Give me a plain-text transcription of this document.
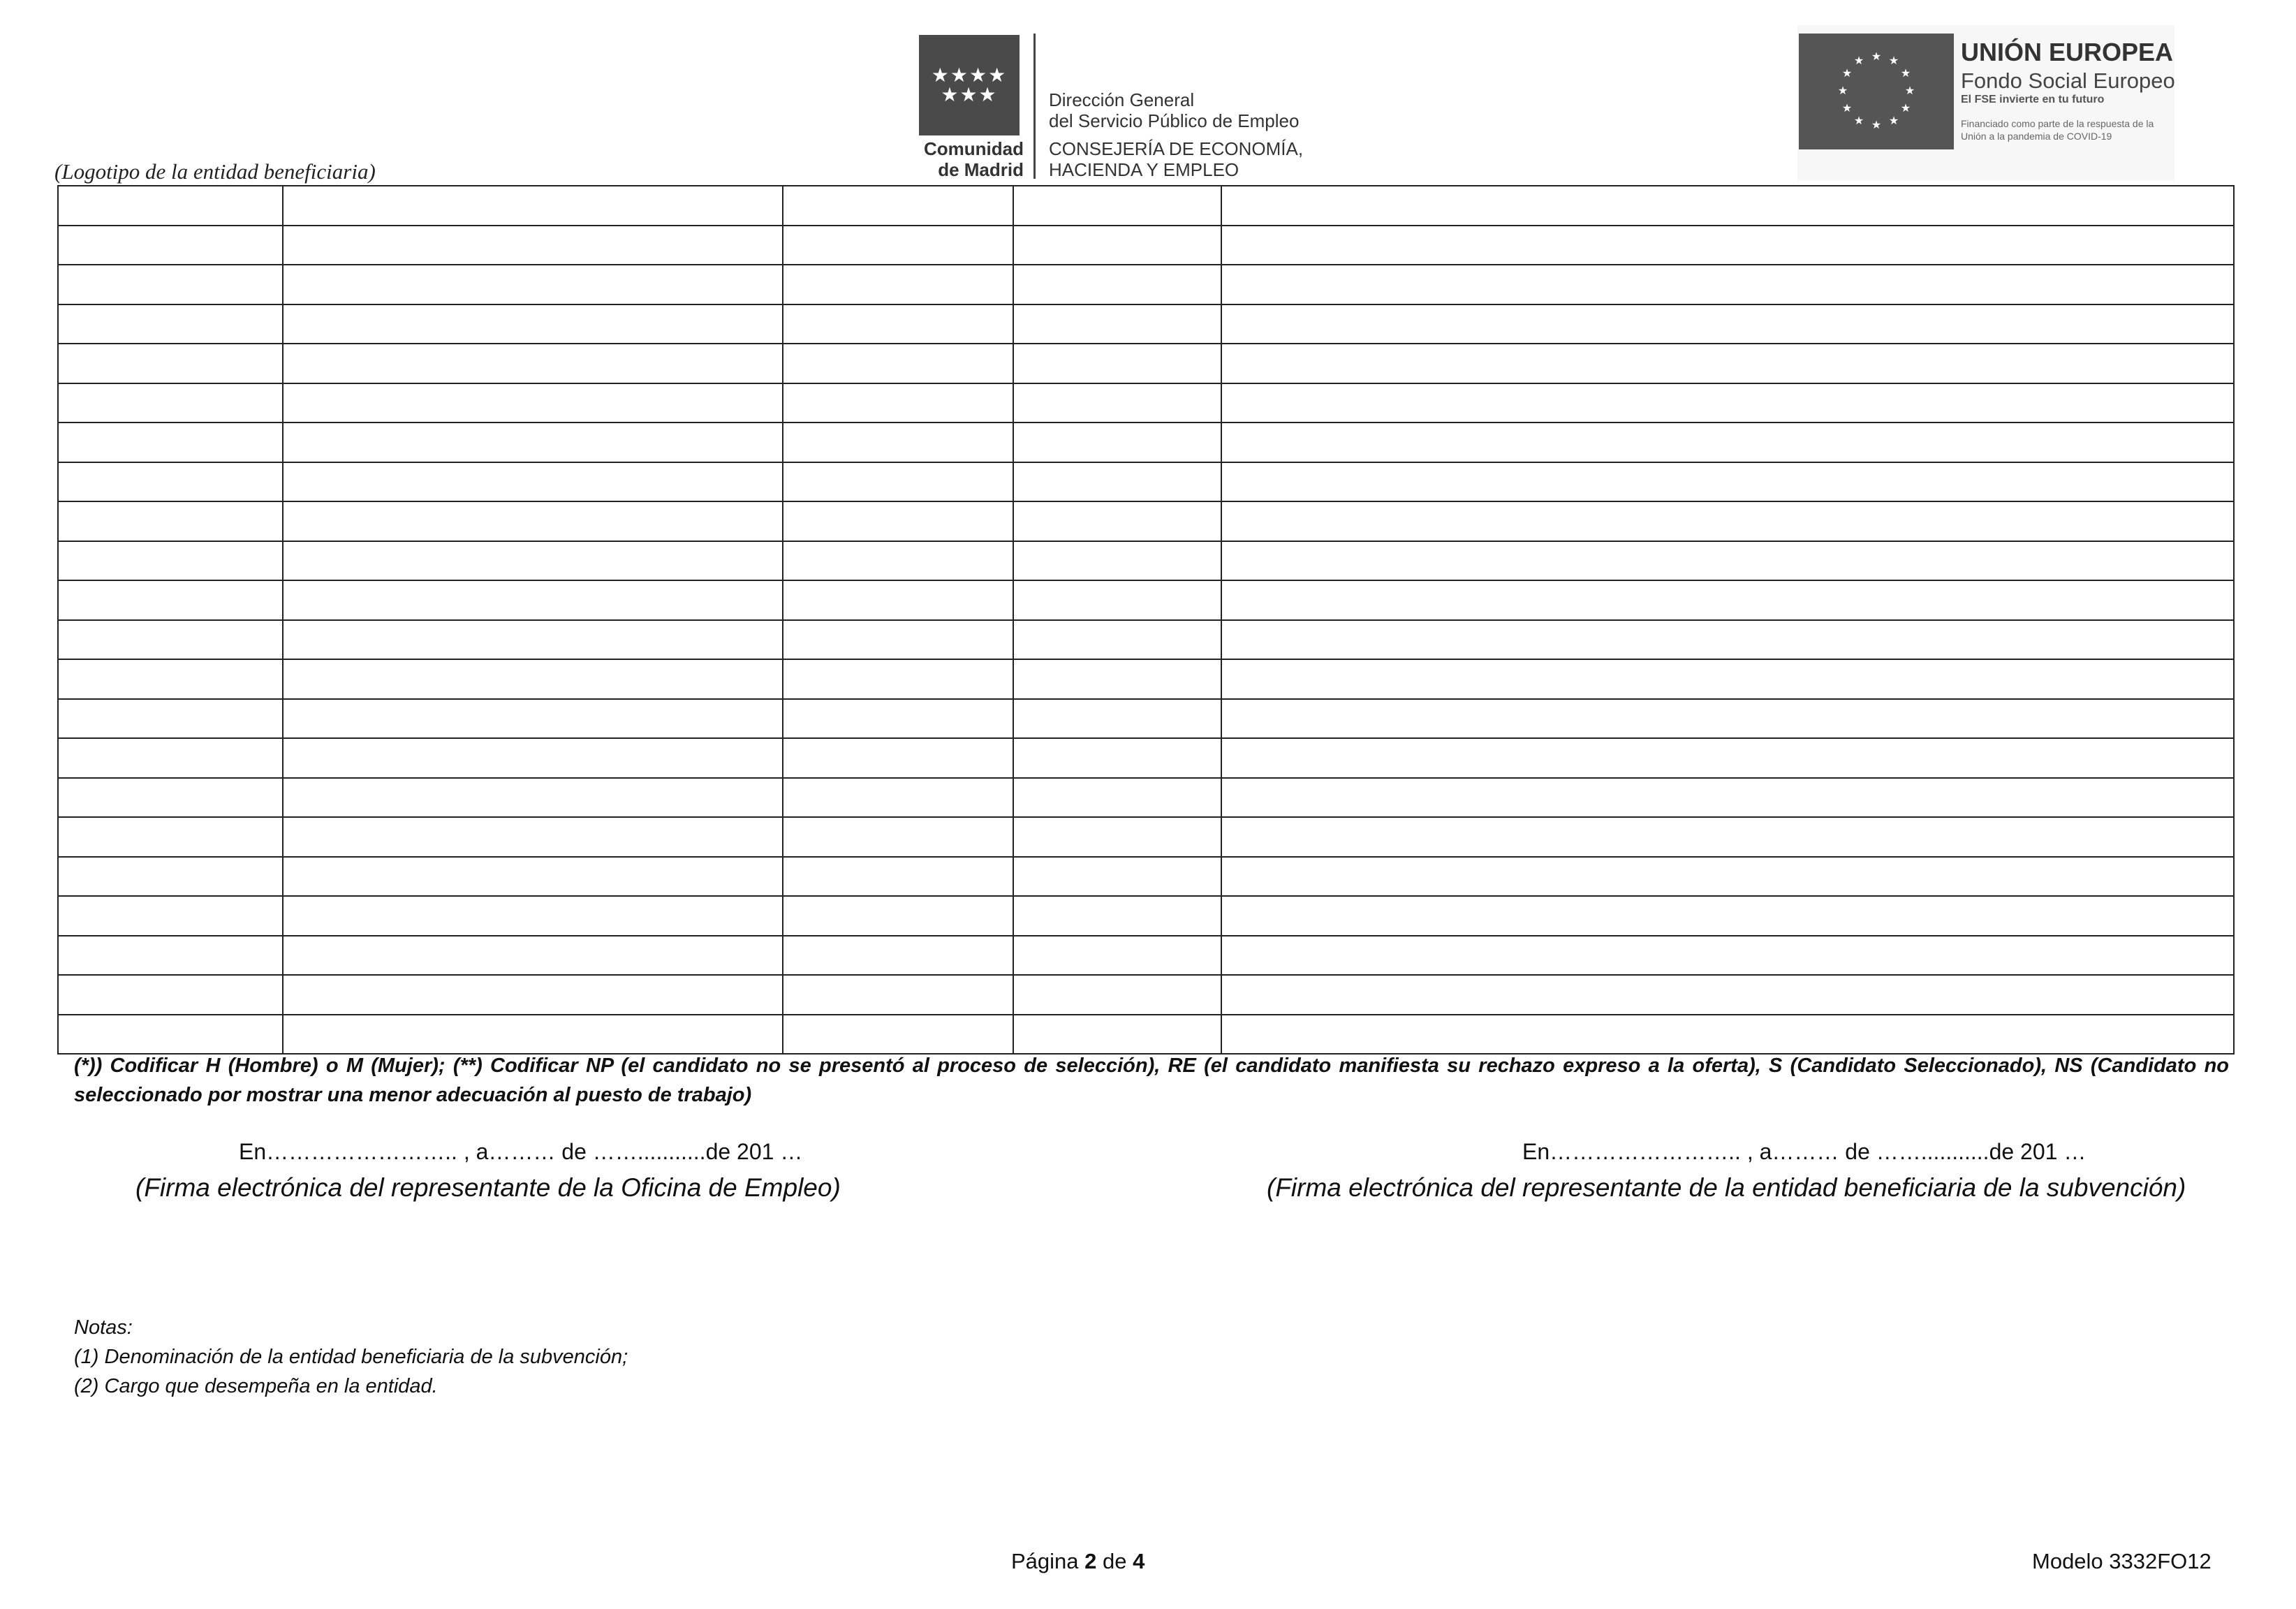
★★★★
★★★
Comunidad
de Madrid
Dirección General
del Servicio Público de Empleo
CONSEJERÍA DE ECONOMÍA,
HACIENDA Y EMPLEO
★ ★
★
★
★
★
★
★
★
★
★
★	UNIÓN EUROPEA
Fondo Social Europeo
El FSE invierte en tu futuro
Financiado como parte de la respuesta de la Unión a la pandemia de COVID-19
(Logotipo de la entidad beneficiaria)

(*)) Codificar H (Hombre) o M (Mujer); (**) Codificar NP (el candidato no se presentó al proceso de selección), RE (el candidato manifiesta su rechazo expreso a la oferta), S (Candidato Seleccionado), NS (Candidato no seleccionado por mostrar una menor adecuación al puesto de trabajo)
En…………………….. , a……… de ……...........de 201 …
(Firma electrónica del representante de la Oficina de Empleo)
En…………………….. , a……… de ……...........de 201 …
(Firma electrónica del representante de la entidad beneficiaria de la subvención)
Notas:
(1) Denominación de la entidad beneficiaria de la subvención;
(2) Cargo que desempeña en la entidad.
Página 2 de 4	Modelo 3332FO12
